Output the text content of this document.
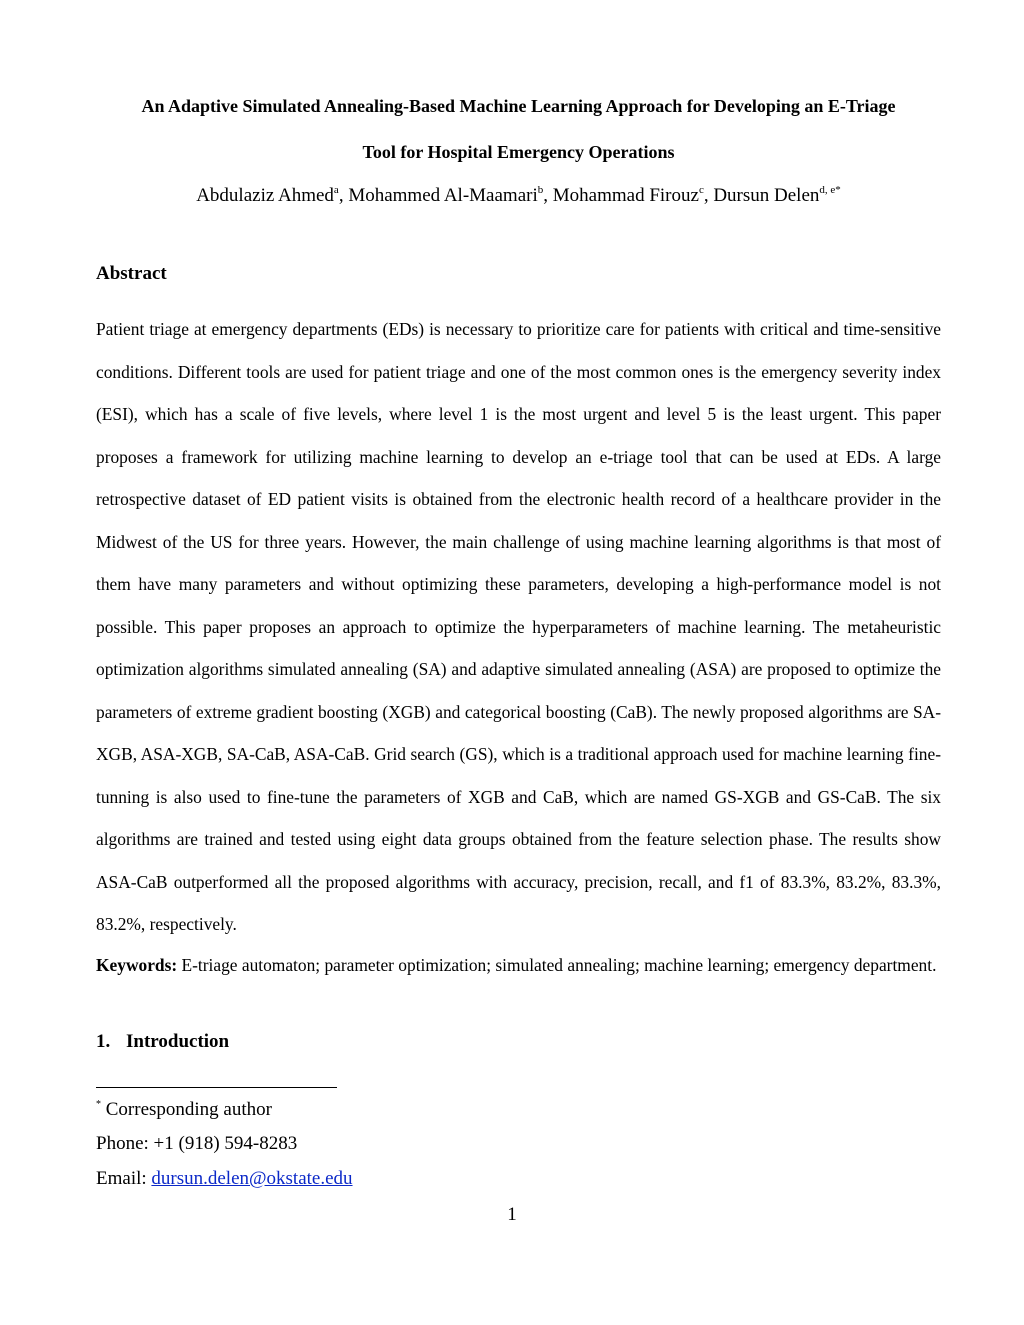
An Adaptive Simulated Annealing-Based Machine Learning Approach for Developing an E-Triage
Tool for Hospital Emergency Operations

Abdulaziz Ahmed$^a$, Mohammed Al-Maamari$^b$, Mohammad Firouz$^c$, Dursun Delen$^{d, e*}$

Abstract

Patient triage at emergency departments (EDs) is necessary to prioritize care for patients with critical and time-sensitive conditions. Different tools are used for patient triage and one of the most common ones is the emergency severity index (ESI), which has a scale of five levels, where level 1 is the most urgent and level 5 is the least urgent. This paper proposes a framework for utilizing machine learning to develop an e-triage tool that can be used at EDs. A large retrospective dataset of ED patient visits is obtained from the electronic health record of a healthcare provider in the Midwest of the US for three years. However, the main challenge of using machine learning algorithms is that most of them have many parameters and without optimizing these parameters, developing a high-performance model is not possible. This paper proposes an approach to optimize the hyperparameters of machine learning. The metaheuristic optimization algorithms simulated annealing (SA) and adaptive simulated annealing (ASA) are proposed to optimize the parameters of extreme gradient boosting (XGB) and categorical boosting (CaB). The newly proposed algorithms are SA-XGB, ASA-XGB, SA-CaB, ASA-CaB. Grid search (GS), which is a traditional approach used for machine learning fine-tunning is also used to fine-tune the parameters of XGB and CaB, which are named GS-XGB and GS-CaB. The six algorithms are trained and tested using eight data groups obtained from the feature selection phase. The results show ASA-CaB outperformed all the proposed algorithms with accuracy, precision, recall, and f1 of 83.3%, 83.2%, 83.3%, 83.2%, respectively.

Keywords: E-triage automaton; parameter optimization; simulated annealing; machine learning; emergency department.

1. Introduction

* Corresponding author

Phone: +1 (918) 594-8283

Email: dursun.delen@okstate.edu

1
